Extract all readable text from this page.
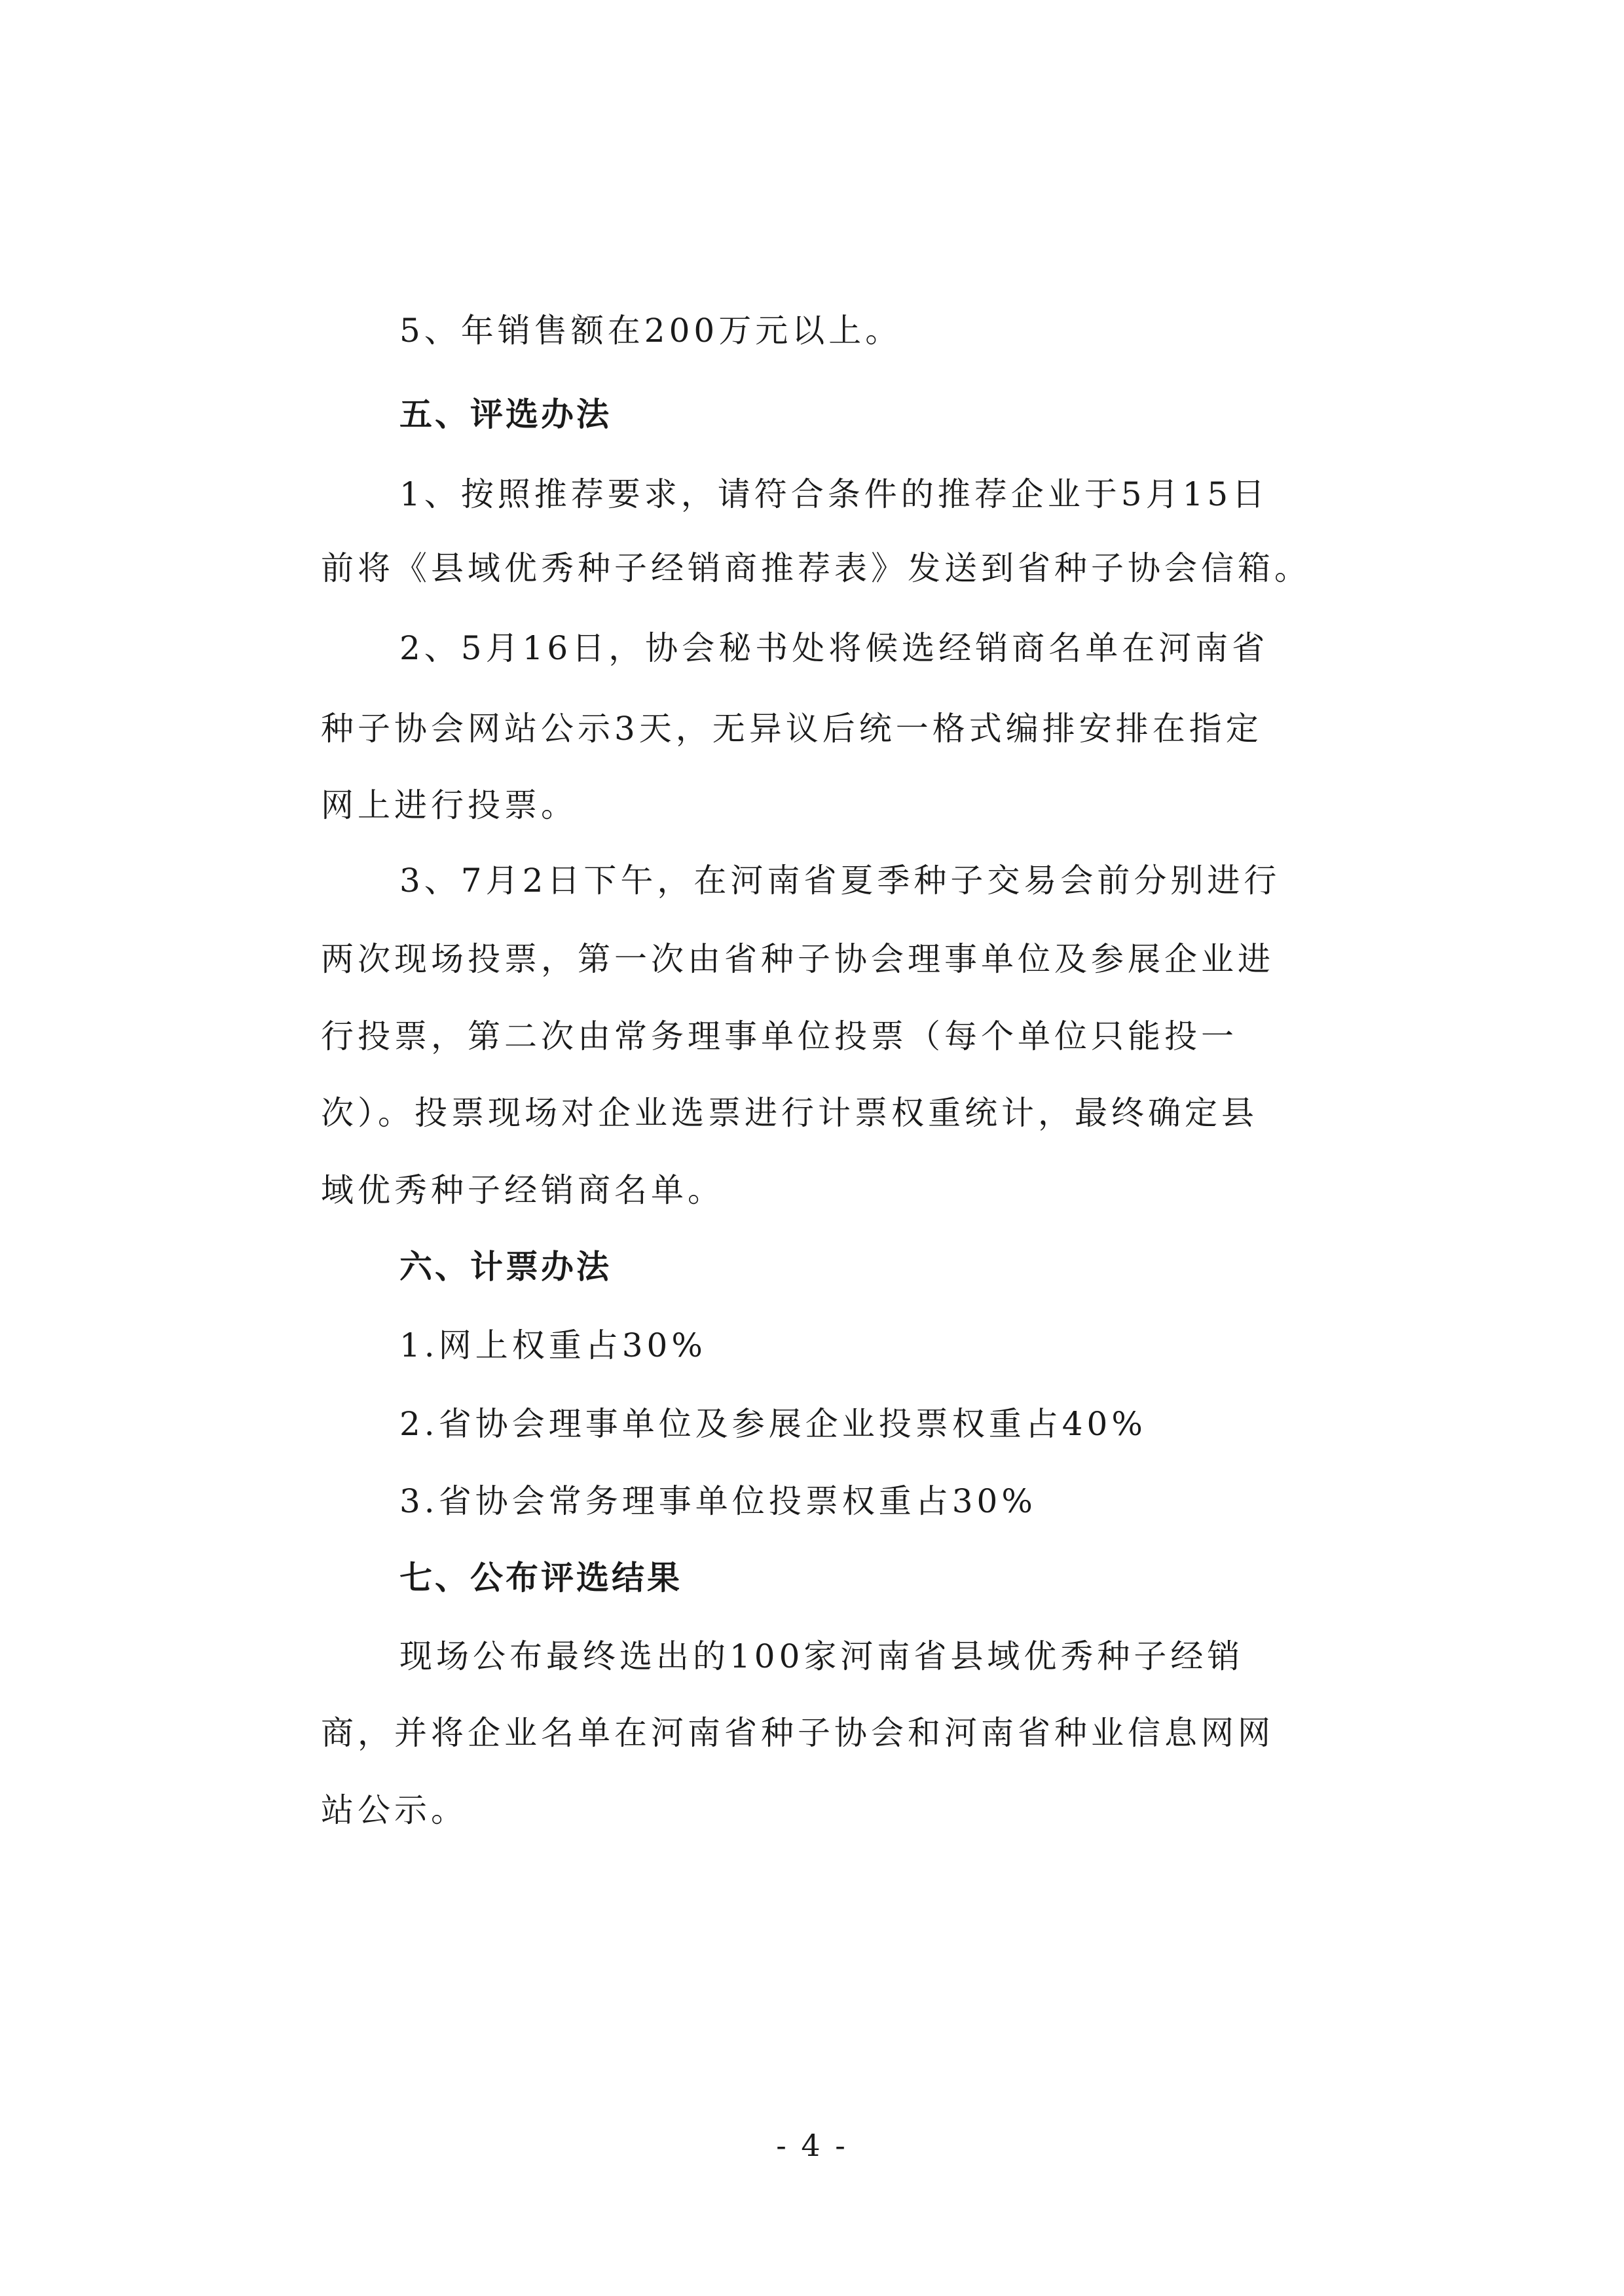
5、年销售额在200万元以上。
五、评选办法
1、按照推荐要求，请符合条件的推荐企业于5月15日
前将《县域优秀种子经销商推荐表》发送到省种子协会信箱。
2、5月16日，协会秘书处将候选经销商名单在河南省
种子协会网站公示3天，无异议后统一格式编排安排在指定
网上进行投票。
3、7月2日下午，在河南省夏季种子交易会前分别进行
两次现场投票，第一次由省种子协会理事单位及参展企业进
行投票，第二次由常务理事单位投票（每个单位只能投一
次）。投票现场对企业选票进行计票权重统计，最终确定县
域优秀种子经销商名单。
六、计票办法
1.网上权重占30%
2.省协会理事单位及参展企业投票权重占40%
3.省协会常务理事单位投票权重占30%
七、公布评选结果
现场公布最终选出的100家河南省县域优秀种子经销
商，并将企业名单在河南省种子协会和河南省种业信息网网
站公示。
- 4 -
